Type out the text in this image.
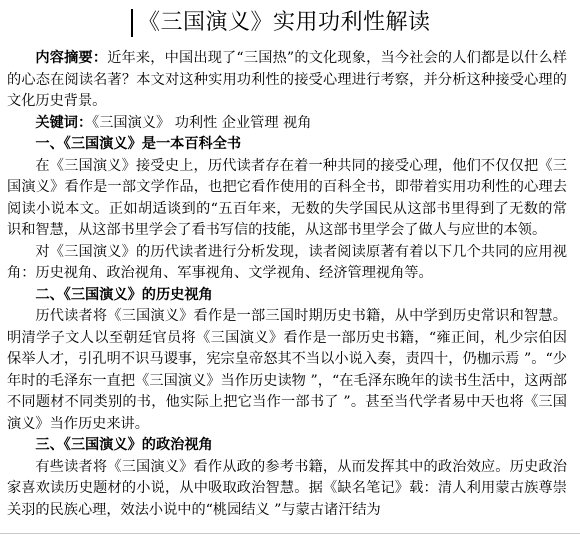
《三国演义》实用功利性解读

内容摘要：近年来，中国出现了“三国热”的文化现象，当今社会的人们都是以什么样的心态在阅读名著？本文对这种实用功利性的接受心理进行考察，并分析这种接受心理的文化历史背景。

关键词：《三国演义》 功利性 企业管理 视角

一、《三国演义》是一本百科全书

在《三国演义》接受史上，历代读者存在着一种共同的接受心理，他们不仅仅把《三国演义》看作是一部文学作品，也把它看作使用的百科全书，即带着实用功利性的心理去阅读小说本文。正如胡适谈到的“五百年来，无数的失学国民从这部书里得到了无数的常识和智慧，从这部书里学会了看书写信的技能，从这部书里学会了做人与应世的本领。

对《三国演义》的历代读者进行分析发现，读者阅读原著有着以下几个共同的应用视角：历史视角、政治视角、军事视角、文学视角、经济管理视角等。

二、《三国演义》的历史视角

历代读者将《三国演义》看作是一部三国时期历史书籍，从中学到历史常识和智慧。明清学子文人以至朝廷官员将《三国演义》看作是一部历史书籍，“雍正间，札少宗伯因保举人才，引孔明不识马谡事，宪宗皇帝怒其不当以小说入奏，责四十，仍枷示焉 ”。“少年时的毛泽东一直把《三国演义》当作历史读物 ”，“在毛泽东晚年的读书生活中，这两部不同题材不同类别的书，他实际上把它当作一部书了 ”。甚至当代学者易中天也将《三国演义》当作历史来讲。

三、《三国演义》的政治视角

有些读者将《三国演义》看作从政的参考书籍，从而发挥其中的政治效应。历史政治家喜欢读历史题材的小说，从中吸取政治智慧。据《缺名笔记》载：清人利用蒙古族尊崇关羽的民族心理，效法小说中的“桃园结义 ”与蒙古诸汗结为
